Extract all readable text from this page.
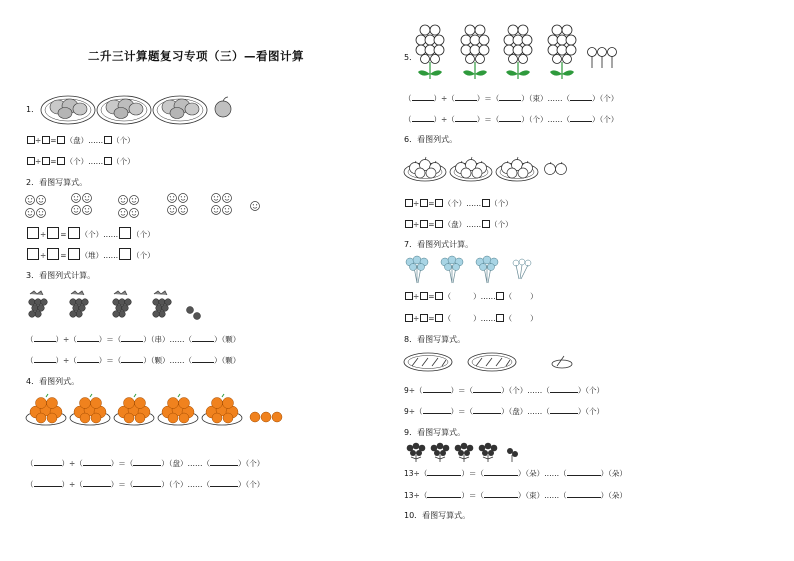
二升三计算题复习专项（三）—看图计算
1．
÷ = （盘）…… （个）
÷ = （个）…… （个）
2．看图写算式。
÷ = （个）…… （个）
÷ = （堆）…… （个）
3．看图列式计算。
（	）÷（	）＝（	）（串）……（	）（颗）
（	）÷（	）＝（	）（颗）……（	）（颗）
4．看图列式。
（	）÷（	）＝（	）（盘）……（	）（个）
（	）÷（	）＝（	）（个）……（	）（个）
5．
（	）÷（	）＝（	）（束）……（	）（个）
（	）÷（	）＝（	）（个）……（	）（个）
6．看图列式。
÷ = （个）…… （个）
÷ = （盘）…… （个）
7．看图列式计算。
÷ = （	）…… （ ）
÷ = （	）…… （ ）
8．看图写算式。
9÷（	）＝（	）（个）……（	）（个）
9÷（	）＝（	）（盘）……（	）（个）
9．看图写算式。
13÷（	）＝（	）（朵）……（	）（朵）
13÷（	）＝（	）（束）……（	）（朵）
10．看图写算式。
